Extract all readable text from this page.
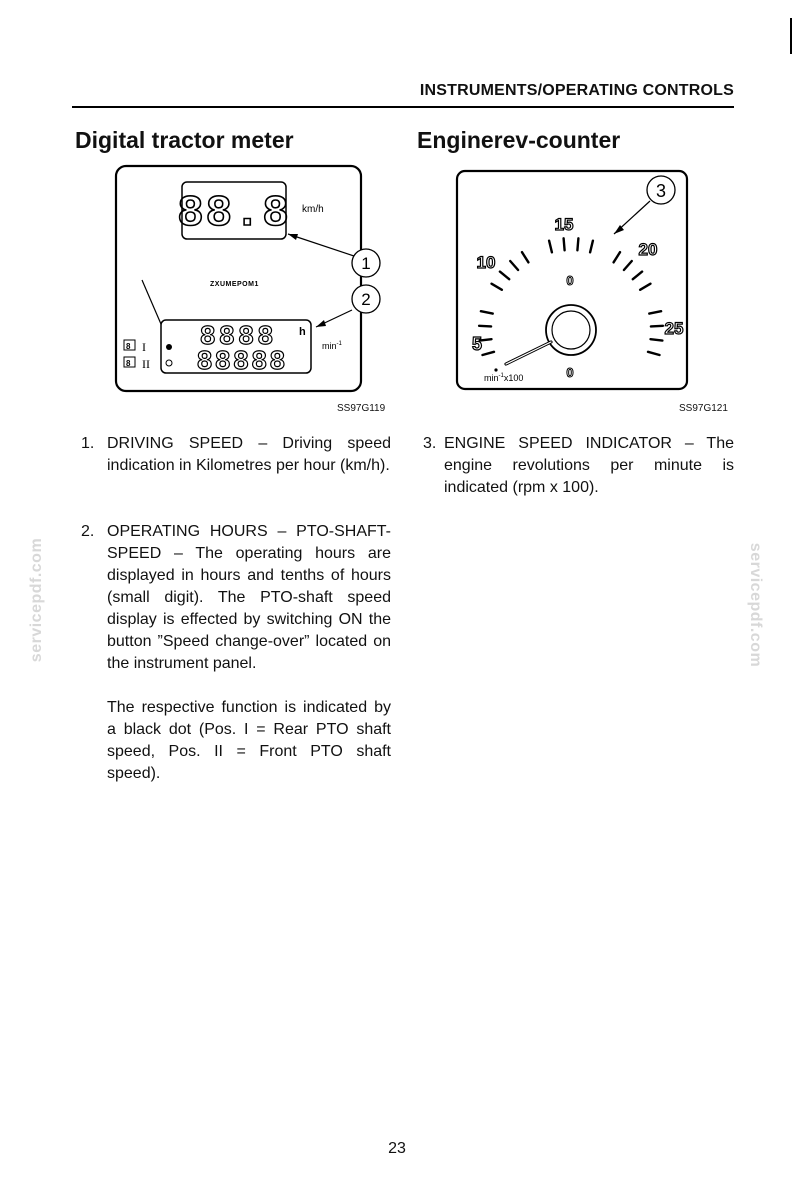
INSTRUMENTS/OPERATING CONTROLS
Digital tractor meter	Enginerev-counter
88.8 km/h
1
ZXUMEPOM1
2
8888
88888
h
$\min^{-1}$
8
8
I
II
SS97G119
3
5
10
15
20
25
0
0
$\min^{-1}x100$
SS97G121
1. DRIVING SPEED – Driving speed indication in Kilometres per hour (km/h).
2. OPERATING HOURS – PTO-SHAFT-SPEED – The operating hours are displayed in hours and tenths of hours (small digit). The PTO-shaft speed display is effected by switching ON the button ”Speed change-over” located on the instrument panel.
The respective function is indicated by a black dot (Pos. I = Rear PTO shaft speed, Pos. II = Front PTO shaft speed).
3. ENGINE SPEED INDICATOR – The engine revolutions per minute is indicated (rpm x 100).
servicepdf.com	servicepdf.com
23
